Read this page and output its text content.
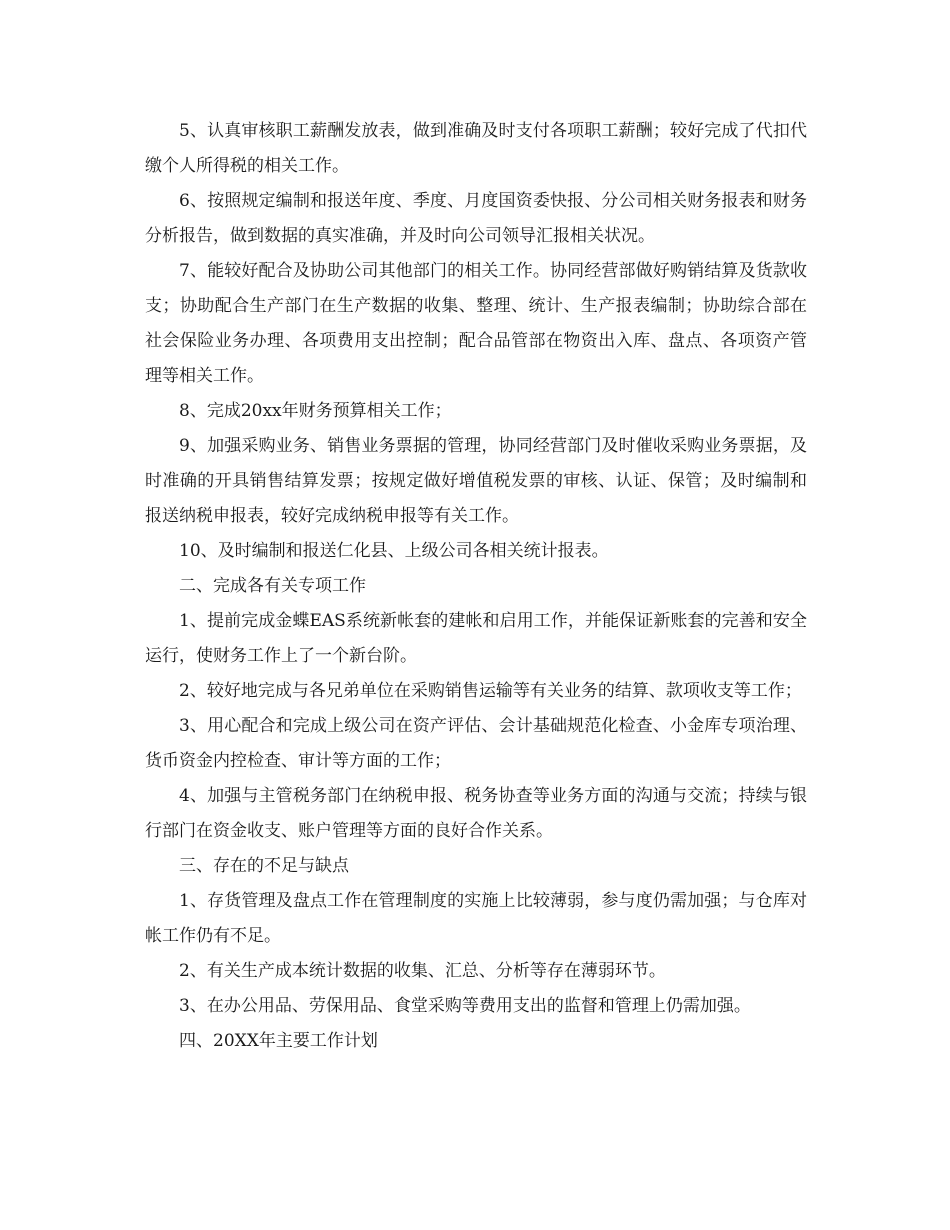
5、认真审核职工薪酬发放表，做到准确及时支付各项职工薪酬；较好完成了代扣代缴个人所得税的相关工作。

6、按照规定编制和报送年度、季度、月度国资委快报、分公司相关财务报表和财务分析报告，做到数据的真实准确，并及时向公司领导汇报相关状况。

7、能较好配合及协助公司其他部门的相关工作。协同经营部做好购销结算及货款收支；协助配合生产部门在生产数据的收集、整理、统计、生产报表编制；协助综合部在社会保险业务办理、各项费用支出控制；配合品管部在物资出入库、盘点、各项资产管理等相关工作。

8、完成20xx年财务预算相关工作；

9、加强采购业务、销售业务票据的管理，协同经营部门及时催收采购业务票据，及时准确的开具销售结算发票；按规定做好增值税发票的审核、认证、保管；及时编制和报送纳税申报表，较好完成纳税申报等有关工作。

10、及时编制和报送仁化县、上级公司各相关统计报表。

二、完成各有关专项工作

1、提前完成金蝶EAS系统新帐套的建帐和启用工作，并能保证新账套的完善和安全运行，使财务工作上了一个新台阶。

2、较好地完成与各兄弟单位在采购销售运输等有关业务的结算、款项收支等工作；

3、用心配合和完成上级公司在资产评估、会计基础规范化检查、小金库专项治理、货币资金内控检查、审计等方面的工作；

4、加强与主管税务部门在纳税申报、税务协查等业务方面的沟通与交流；持续与银行部门在资金收支、账户管理等方面的良好合作关系。

三、存在的不足与缺点

1、存货管理及盘点工作在管理制度的实施上比较薄弱，参与度仍需加强；与仓库对帐工作仍有不足。

2、有关生产成本统计数据的收集、汇总、分析等存在薄弱环节。

3、在办公用品、劳保用品、食堂采购等费用支出的监督和管理上仍需加强。

四、20XX年主要工作计划
